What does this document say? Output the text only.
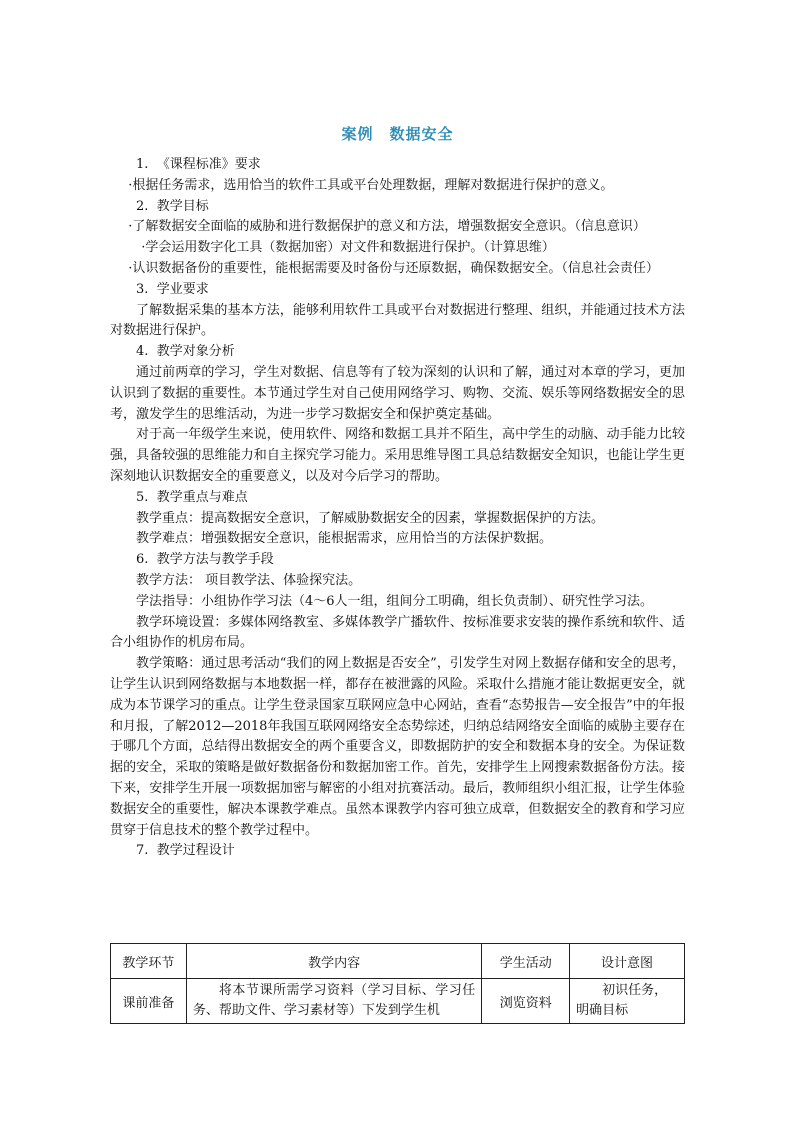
案例　数据安全

1. 《课程标准》要求

·根据任务需求，选用恰当的软件工具或平台处理数据，理解对数据进行保护的意义。

2. 教学目标

·了解数据安全面临的威胁和进行数据保护的意义和方法，增强数据安全意识。（信息意识）

·学会运用数字化工具（数据加密）对文件和数据进行保护。（计算思维）

·认识数据备份的重要性，能根据需要及时备份与还原数据，确保数据安全。（信息社会责任）

3. 学业要求

了解数据采集的基本方法，能够利用软件工具或平台对数据进行整理、组织，并能通过技术方法对数据进行保护。

4. 教学对象分析

通过前两章的学习，学生对数据、信息等有了较为深刻的认识和了解，通过对本章的学习，更加认识到了数据的重要性。本节通过学生对自己使用网络学习、购物、交流、娱乐等网络数据安全的思考，激发学生的思维活动，为进一步学习数据安全和保护奠定基础。

对于高一年级学生来说，使用软件、网络和数据工具并不陌生，高中学生的动脑、动手能力比较强，具备较强的思维能力和自主探究学习能力。采用思维导图工具总结数据安全知识，也能让学生更深刻地认识数据安全的重要意义，以及对今后学习的帮助。

5. 教学重点与难点

教学重点：提高数据安全意识，了解威胁数据安全的因素，掌握数据保护的方法。

教学难点：增强数据安全意识，能根据需求，应用恰当的方法保护数据。

6. 教学方法与教学手段

教学方法： 项目教学法、体验探究法。

学法指导：小组协作学习法（4～6人一组，组间分工明确，组长负责制）、研究性学习法。

教学环境设置：多媒体网络教室、多媒体教学广播软件、按标准要求安装的操作系统和软件、适合小组协作的机房布局。

教学策略：通过思考活动“我们的网上数据是否安全”，引发学生对网上数据存储和安全的思考，让学生认识到网络数据与本地数据一样，都存在被泄露的风险。采取什么措施才能让数据更安全，就成为本节课学习的重点。让学生登录国家互联网应急中心网站，查看“态势报告—安全报告”中的年报和月报，了解2012—2018年我国互联网网络安全态势综述，归纳总结网络安全面临的威胁主要存在于哪几个方面，总结得出数据安全的两个重要含义，即数据防护的安全和数据本身的安全。为保证数据的安全，采取的策略是做好数据备份和数据加密工作。首先，安排学生上网搜索数据备份方法。接下来，安排学生开展一项数据加密与解密的小组对抗赛活动。最后，教师组织小组汇报，让学生体验数据安全的重要性，解决本课教学难点。虽然本课教学内容可独立成章，但数据安全的教育和学习应贯穿于信息技术的整个教学过程中。

7. 教学过程设计

教学环节	教学内容	学生活动	设计意图
课前准备	将本节课所需学习资料（学习目标、学习任务、帮助文件、学习素材等）下发到学生机	浏览资料	初识任务，明确目标
